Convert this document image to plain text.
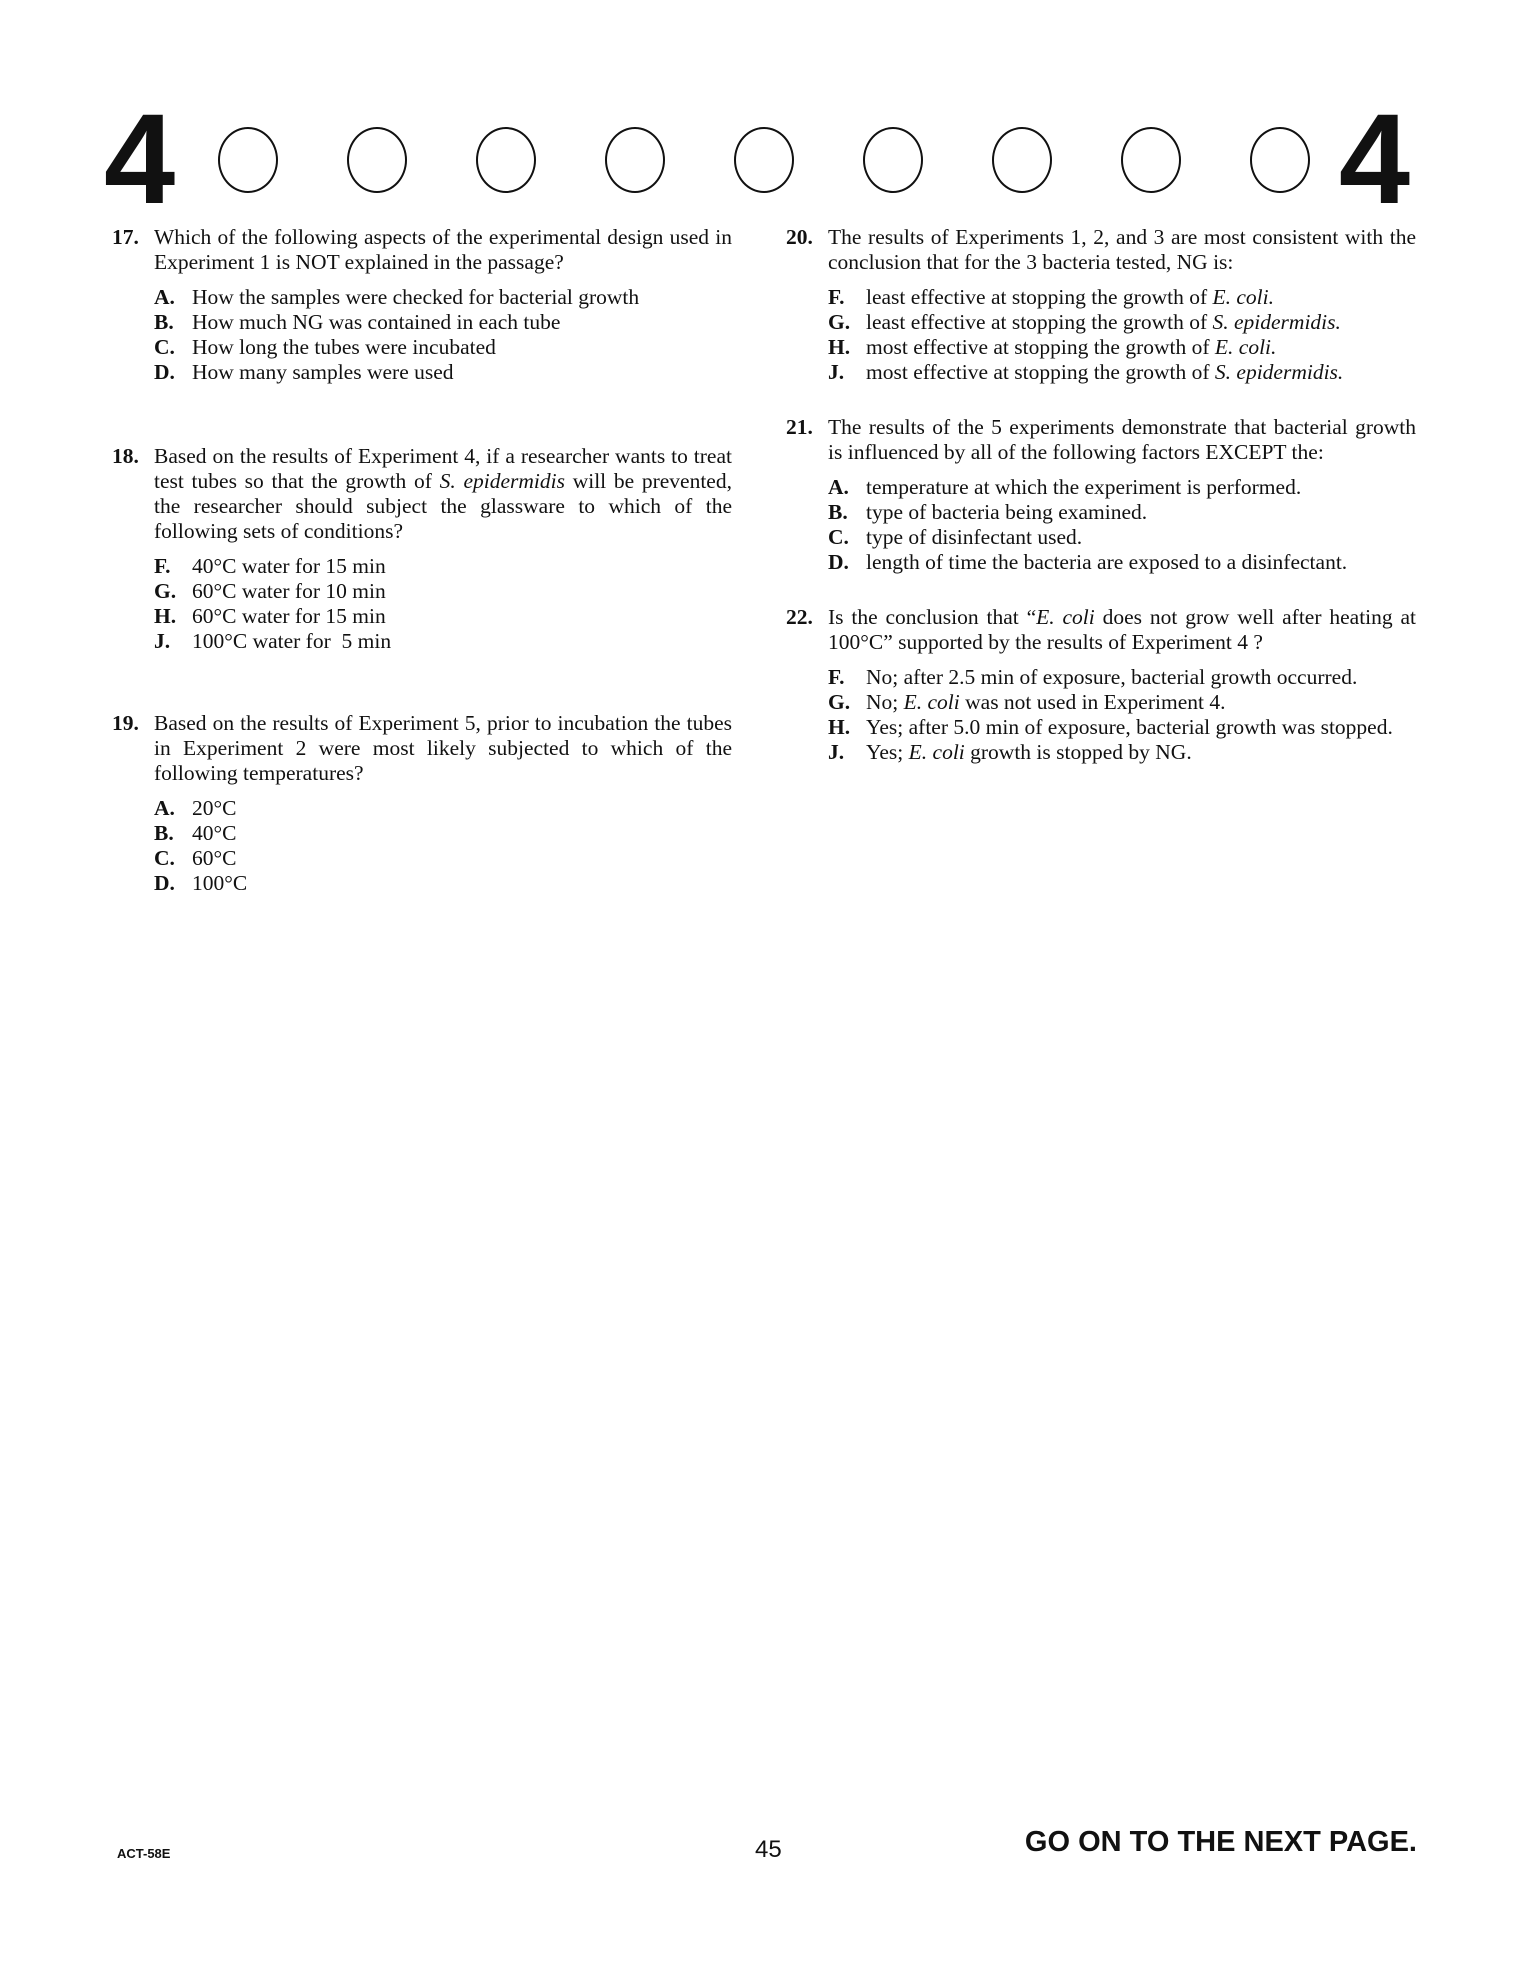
4	4
17. Which of the following aspects of the experimental design used in Experiment 1 is NOT explained in the passage?
A. How the samples were checked for bacterial growth
B. How much NG was contained in each tube
C. How long the tubes were incubated
D. How many samples were used
18. Based on the results of Experiment 4, if a researcher wants to treat test tubes so that the growth of S. epidermidis will be prevented, the researcher should subject the glassware to which of the following sets of conditions?
F. 40°C water for 15 min
G. 60°C water for 10 min
H. 60°C water for 15 min
J.	100°C water for  5 min
19. Based on the results of Experiment 5, prior to incubation the tubes in Experiment 2 were most likely subjected to which of the following temperatures?
A. 20°C
B. 40°C
C. 60°C
D. 100°C
20. The results of Experiments 1, 2, and 3 are most consistent with the conclusion that for the 3 bacteria tested, NG is:
F. least effective at stopping the growth of E. coli.
G. least effective at stopping the growth of S. epidermidis.
H. most effective at stopping the growth of E. coli.
J.	most effective at stopping the growth of S. epidermidis.
21. The results of the 5 experiments demonstrate that bacterial growth is influenced by all of the following factors EXCEPT the:
A. temperature at which the experiment is performed.
B. type of bacteria being examined.
C. type of disinfectant used.
D. length of time the bacteria are exposed to a disinfectant.
22. Is the conclusion that “E. coli does not grow well after heating at 100°C” supported by the results of Experiment 4 ?
F. No; after 2.5 min of exposure, bacterial growth occurred.
G. No; E. coli was not used in Experiment 4.
H. Yes; after 5.0 min of exposure, bacterial growth was stopped.
J.	Yes; E. coli growth is stopped by NG.
ACT-58E	45	GO ON TO THE NEXT PAGE.
